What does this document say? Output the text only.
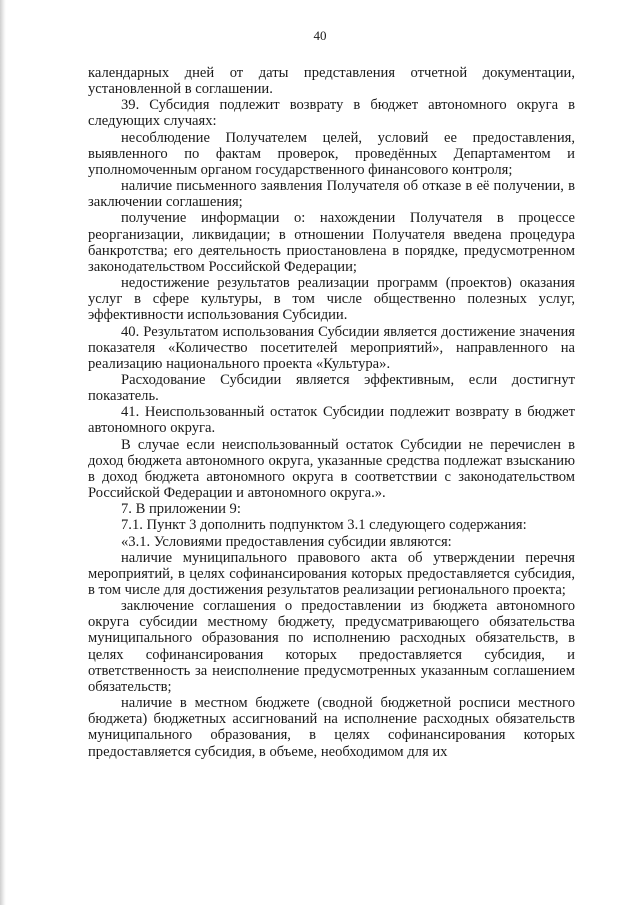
40

календарных дней от даты представления отчетной документации, установленной в соглашении.

39. Субсидия подлежит возврату в бюджет автономного округа в следующих случаях:

несоблюдение Получателем целей, условий ее предоставления, выявленного по фактам проверок, проведённых Департаментом и уполномоченным органом государственного финансового контроля;

наличие письменного заявления Получателя об отказе в её получении, в заключении соглашения;

получение информации о: нахождении Получателя в процессе реорганизации, ликвидации; в отношении Получателя введена процедура банкротства; его деятельность приостановлена в порядке, предусмотренном законодательством Российской Федерации;

недостижение результатов реализации программ (проектов) оказания услуг в сфере культуры, в том числе общественно полезных услуг, эффективности использования Субсидии.

40. Результатом использования Субсидии является достижение значения показателя «Количество посетителей мероприятий», направленного на реализацию национального проекта «Культура».

Расходование Субсидии является эффективным, если достигнут показатель.

41. Неиспользованный остаток Субсидии подлежит возврату в бюджет автономного округа.

В случае если неиспользованный остаток Субсидии не перечислен в доход бюджета автономного округа, указанные средства подлежат взысканию в доход бюджета автономного округа в соответствии с законодательством Российской Федерации и автономного округа.».

7. В приложении 9:

7.1. Пункт 3 дополнить подпунктом 3.1 следующего содержания:

«3.1. Условиями предоставления субсидии являются:

наличие муниципального правового акта об утверждении перечня мероприятий, в целях софинансирования которых предоставляется субсидия, в том числе для достижения результатов реализации регионального проекта;

заключение соглашения о предоставлении из бюджета автономного округа субсидии местному бюджету, предусматривающего обязательства муниципального образования по исполнению расходных обязательств, в целях софинансирования которых предоставляется субсидия, и ответственность за неисполнение предусмотренных указанным соглашением обязательств;

наличие в местном бюджете (сводной бюджетной росписи местного бюджета) бюджетных ассигнований на исполнение расходных обязательств муниципального образования, в целях софинансирования которых предоставляется субсидия, в объеме, необходимом для их
